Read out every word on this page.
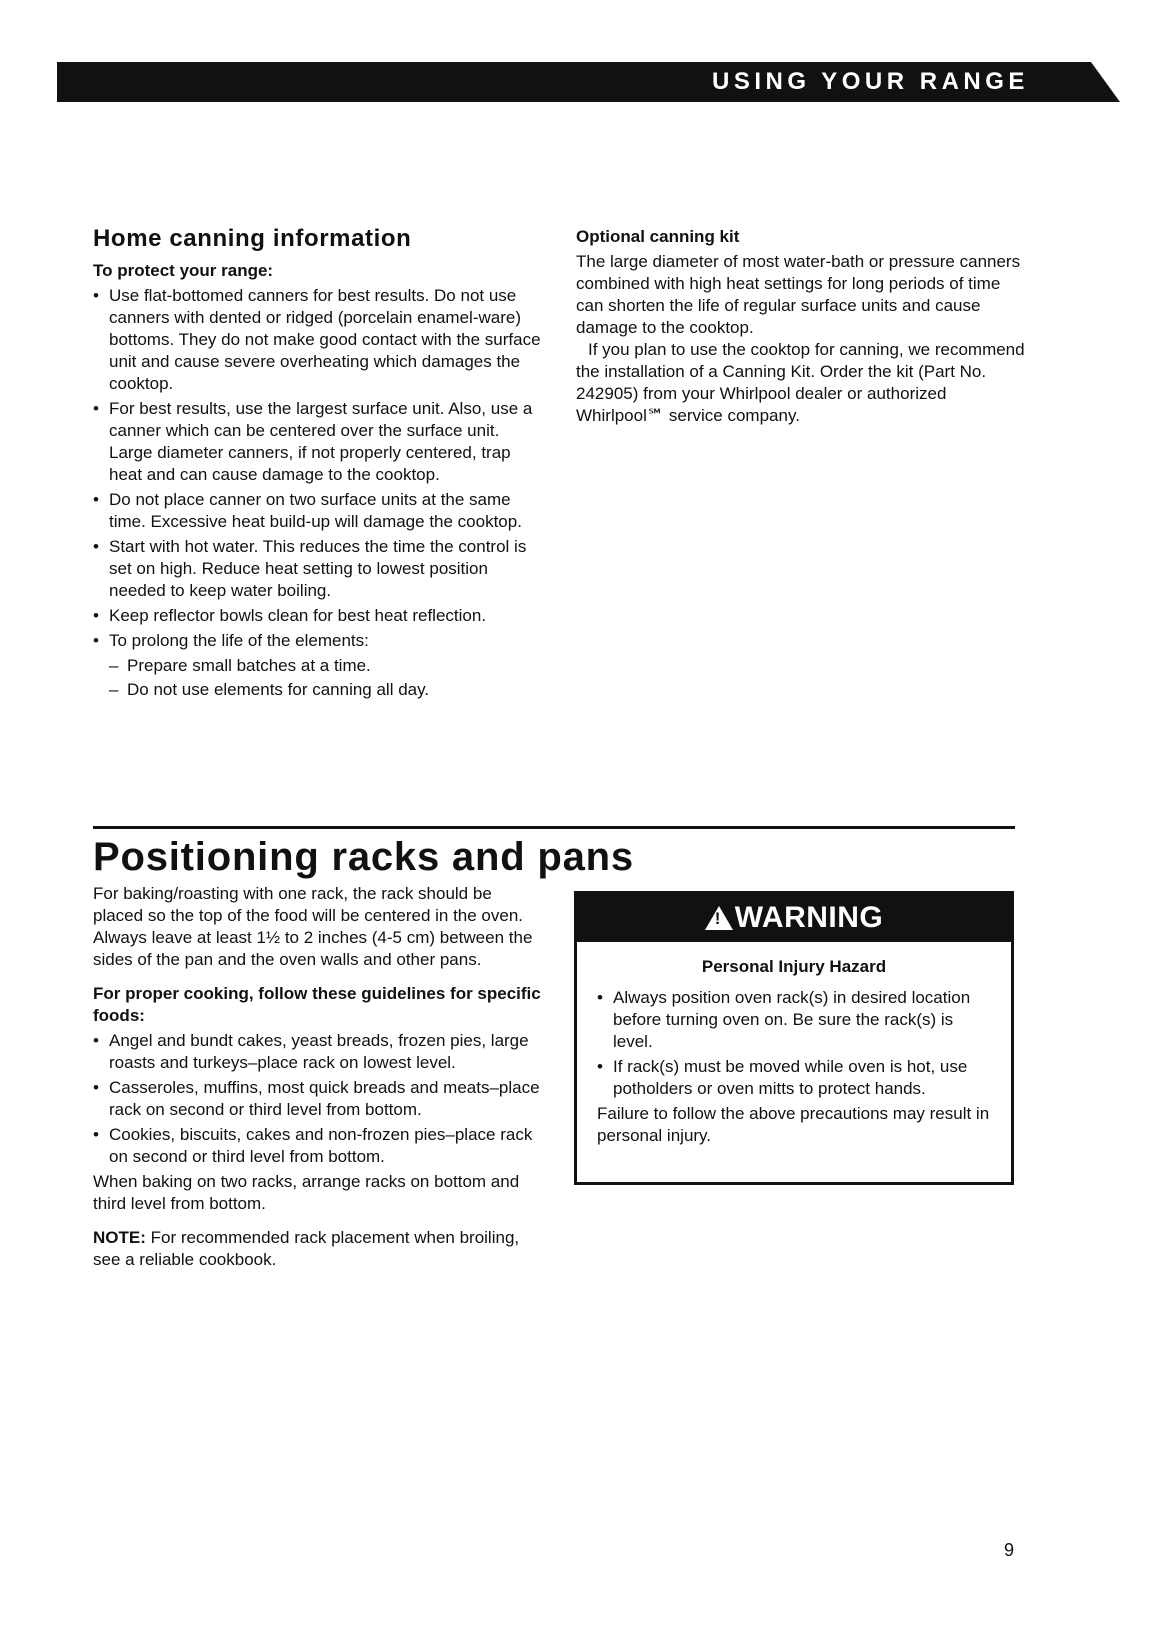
USING YOUR RANGE
Home canning information
To protect your range:
• Use flat-bottomed canners for best results. Do not use canners with dented or ridged (porcelain enamel-ware) bottoms. They do not make good contact with the surface unit and cause severe overheating which damages the cooktop.
• For best results, use the largest surface unit. Also, use a canner which can be centered over the surface unit. Large diameter canners, if not properly centered, trap heat and can cause damage to the cooktop.
• Do not place canner on two surface units at the same time. Excessive heat build-up will damage the cooktop.
• Start with hot water. This reduces the time the control is set on high. Reduce heat setting to lowest position needed to keep water boiling.
• Keep reflector bowls clean for best heat reflection.
• To prolong the life of the elements:
– Prepare small batches at a time.
– Do not use elements for canning all day.
Optional canning kit

The large diameter of most water-bath or pressure canners combined with high heat settings for long periods of time can shorten the life of regular surface units and cause damage to the cooktop.

If you plan to use the cooktop for canning, we recommend the installation of a Canning Kit. Order the kit (Part No. 242905) from your Whirlpool dealer or authorized Whirlpool℠ service company.

Positioning racks and pans

For baking/roasting with one rack, the rack should be placed so the top of the food will be centered in the oven. Always leave at least 1½ to 2 inches (4-5 cm) between the sides of the pan and the oven walls and other pans.

For proper cooking, follow these guidelines for specific foods:
• Angel and bundt cakes, yeast breads, frozen pies, large roasts and turkeys–place rack on lowest level.
• Casseroles, muffins, most quick breads and meats–place rack on second or third level from bottom.
• Cookies, biscuits, cakes and non-frozen pies–place rack on second or third level from bottom.

When baking on two racks, arrange racks on bottom and third level from bottom.

NOTE: For recommended rack placement when broiling, see a reliable cookbook.

!WARNING
Personal Injury Hazard
• Always position oven rack(s) in desired location before turning oven on. Be sure the rack(s) is level.
• If rack(s) must be moved while oven is hot, use potholders or oven mitts to protect hands.

Failure to follow the above precautions may result in personal injury.

9
